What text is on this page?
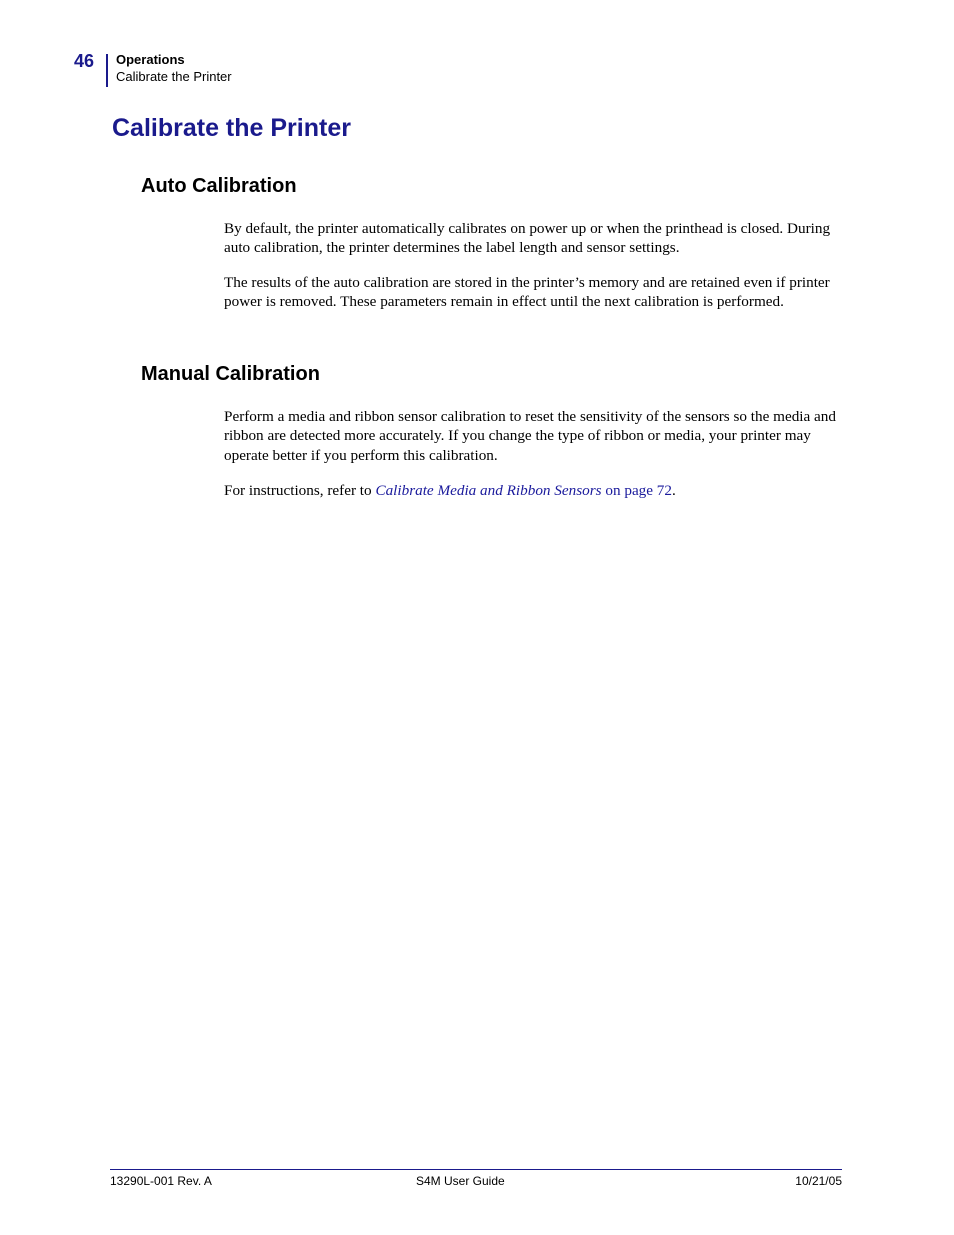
46 Operations
Calibrate the Printer
Calibrate the Printer
Auto Calibration

By default, the printer automatically calibrates on power up or when the printhead is closed. During auto calibration, the printer determines the label length and sensor settings.

The results of the auto calibration are stored in the printer’s memory and are retained even if printer power is removed. These parameters remain in effect until the next calibration is performed.

Manual Calibration

Perform a media and ribbon sensor calibration to reset the sensitivity of the sensors so the media and ribbon are detected more accurately. If you change the type of ribbon or media, your printer may operate better if you perform this calibration.

For instructions, refer to Calibrate Media and Ribbon Sensors on page 72.

13290L-001 Rev. A	S4M User Guide	10/21/05
